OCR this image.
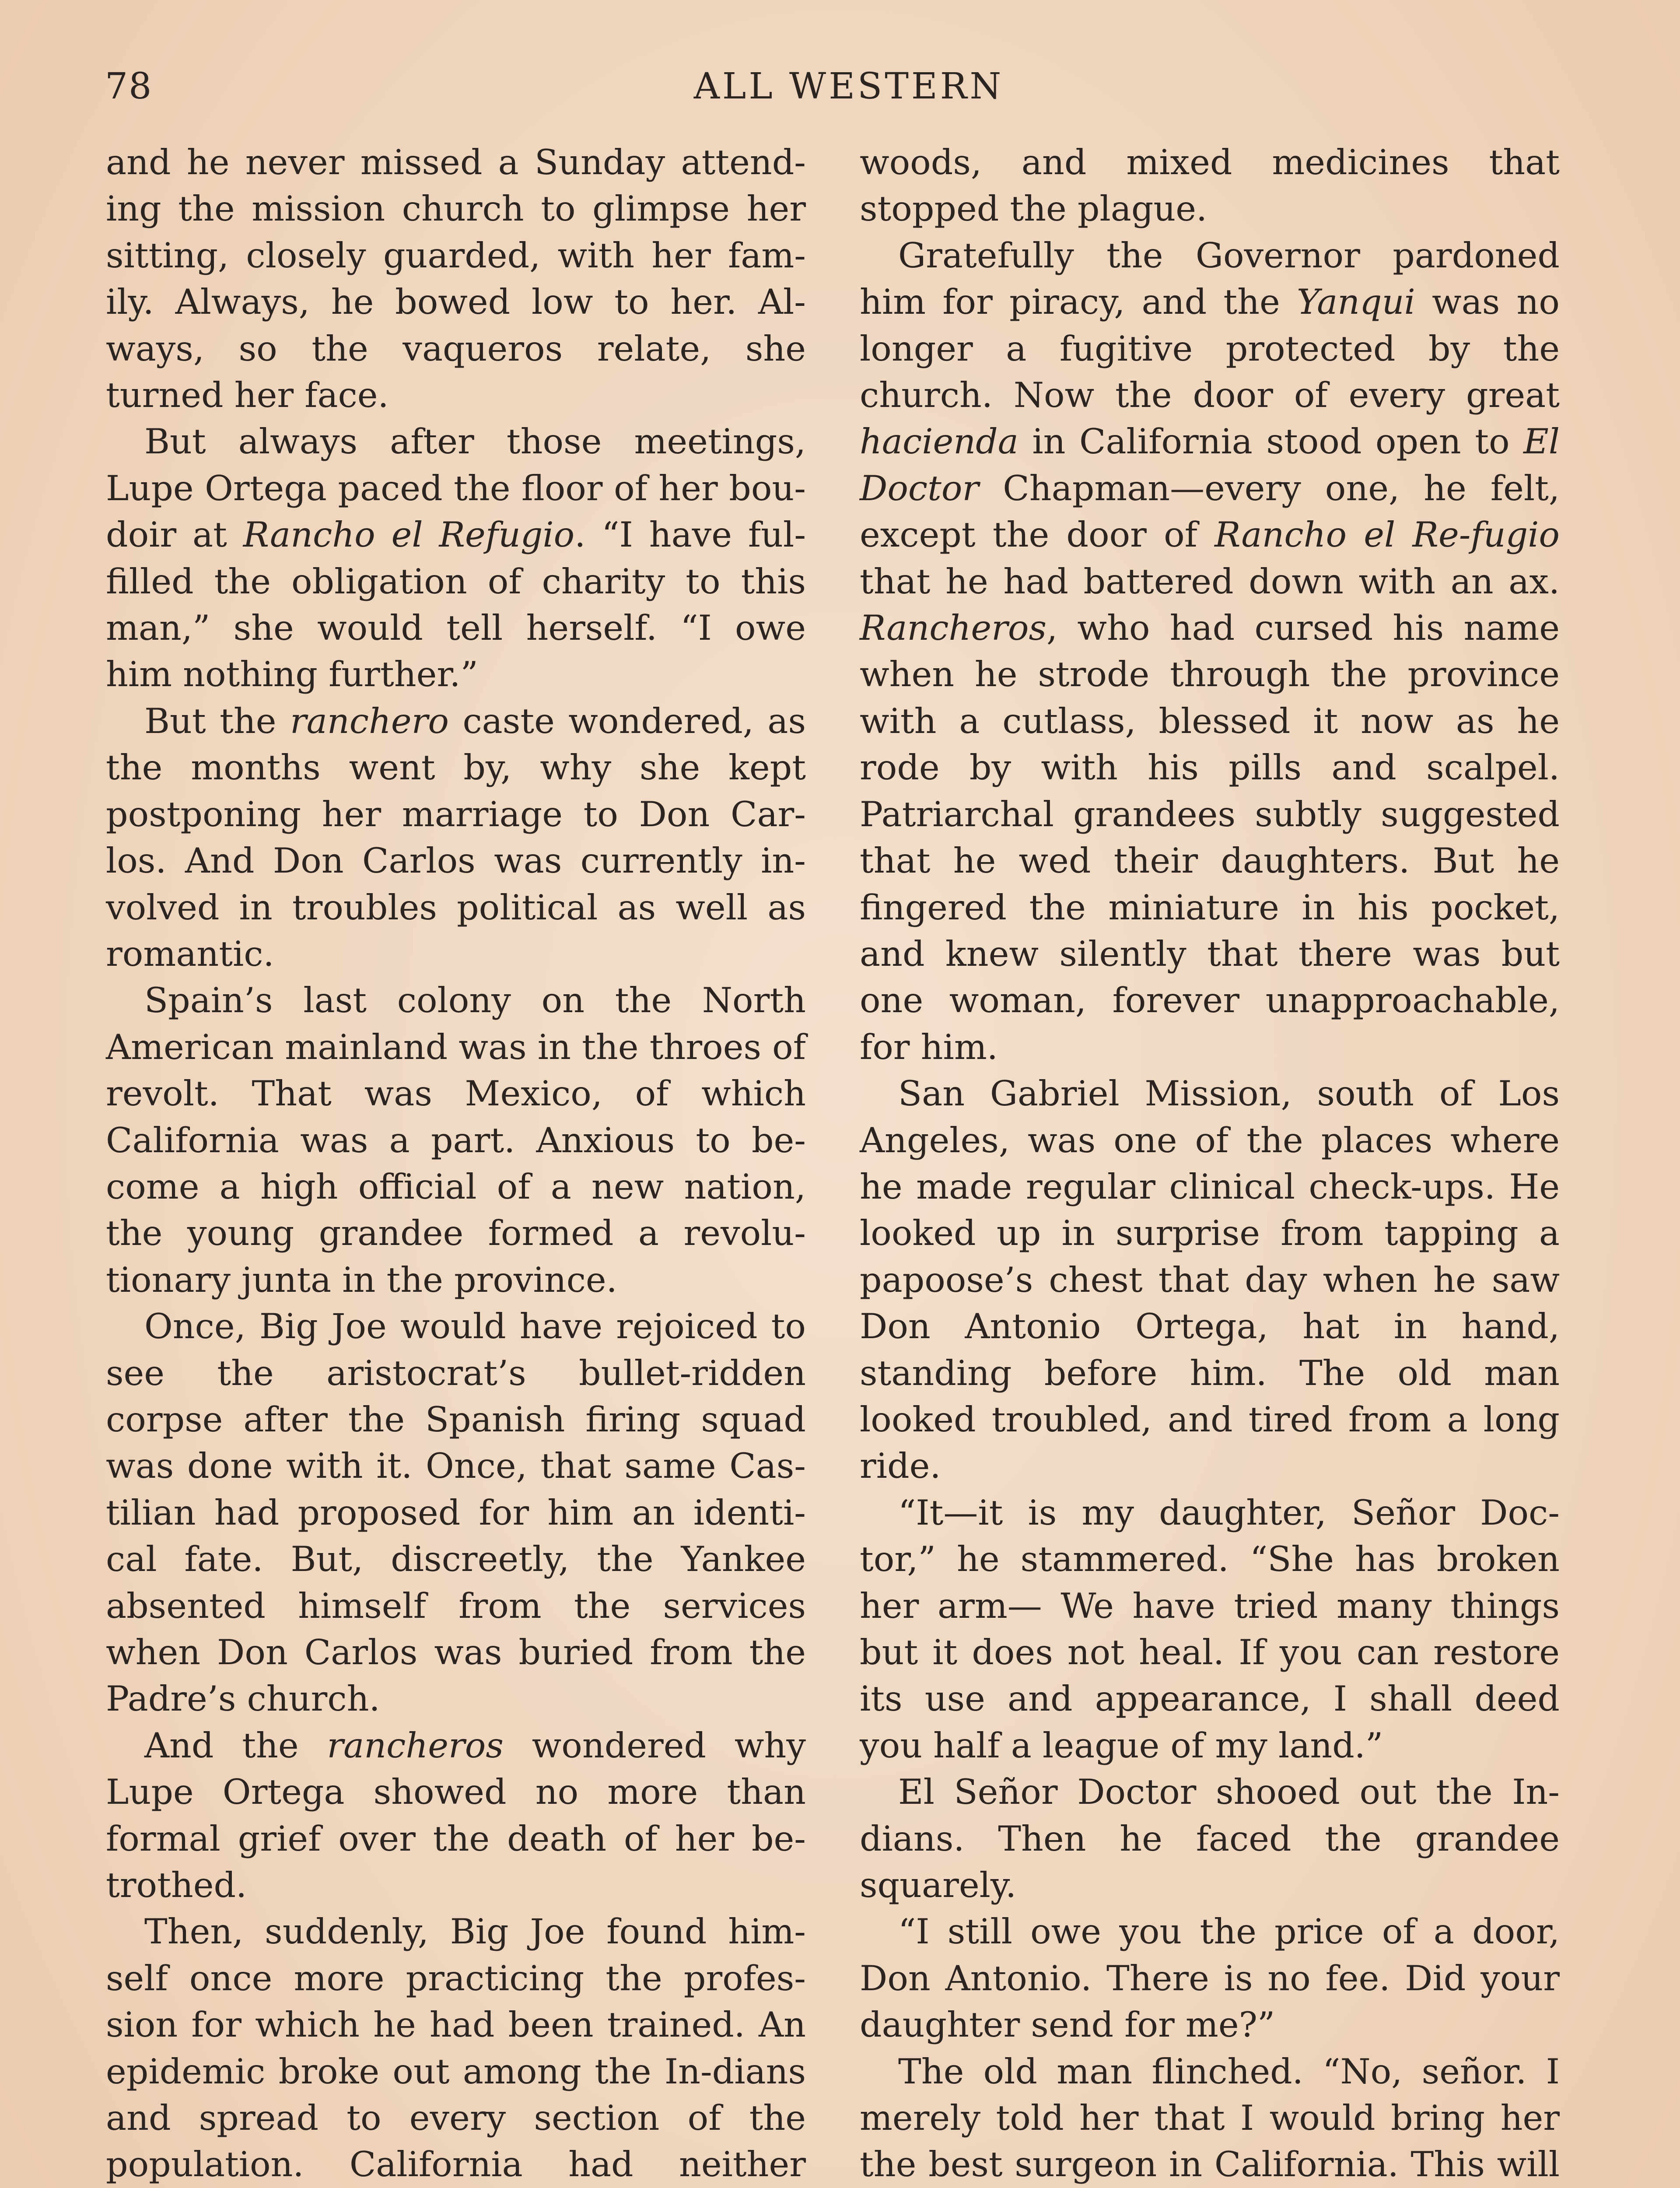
78	ALL WESTERN

and he never missed a Sunday attend-ing the mission church to glimpse her sitting, closely guarded, with her fam-ily. Always, he bowed low to her. Al-ways, so the vaqueros relate, she turned her face.

But always after those meetings, Lupe Ortega paced the floor of her bou-doir at Rancho el Refugio. “I have ful-filled the obligation of charity to this man,” she would tell herself. “I owe him nothing further.”

But the ranchero caste wondered, as the months went by, why she kept postponing her marriage to Don Car-los. And Don Carlos was currently in-volved in troubles political as well as romantic.

Spain’s last colony on the North American mainland was in the throes of revolt. That was Mexico, of which California was a part. Anxious to be-come a high official of a new nation, the young grandee formed a revolu-tionary junta in the province.

Once, Big Joe would have rejoiced to see the aristocrat’s bullet-ridden corpse after the Spanish firing squad was done with it. Once, that same Cas-tilian had proposed for him an identi-cal fate. But, discreetly, the Yankee absented himself from the services when Don Carlos was buried from the Padre’s church.

And the rancheros wondered why Lupe Ortega showed no more than formal grief over the death of her be-trothed.

Then, suddenly, Big Joe found him-self once more practicing the profes-sion for which he had been trained. An epidemic broke out among the In-dians and spread to every section of the population. California had neither

woods, and mixed medicines that stopped the plague.

Gratefully the Governor pardoned him for piracy, and the Yanqui was no longer a fugitive protected by the church. Now the door of every great hacienda in California stood open to El Doctor Chapman—every one, he felt, except the door of Rancho el Re-fugio that he had battered down with an ax. Rancheros, who had cursed his name when he strode through the province with a cutlass, blessed it now as he rode by with his pills and scalpel. Patriarchal grandees subtly suggested that he wed their daughters. But he fingered the miniature in his pocket, and knew silently that there was but one woman, forever unapproachable, for him.

San Gabriel Mission, south of Los Angeles, was one of the places where he made regular clinical check-ups. He looked up in surprise from tapping a papoose’s chest that day when he saw Don Antonio Ortega, hat in hand, standing before him. The old man looked troubled, and tired from a long ride.

“It—it is my daughter, Señor Doc-tor,” he stammered. “She has broken her arm— We have tried many things but it does not heal. If you can restore its use and appearance, I shall deed you half a league of my land.”

El Señor Doctor shooed out the In-dians. Then he faced the grandee squarely.

“I still owe you the price of a door, Don Antonio. There is no fee. Did your daughter send for me?”

The old man flinched. “No, señor. I merely told her that I would bring her the best surgeon in California. This will
